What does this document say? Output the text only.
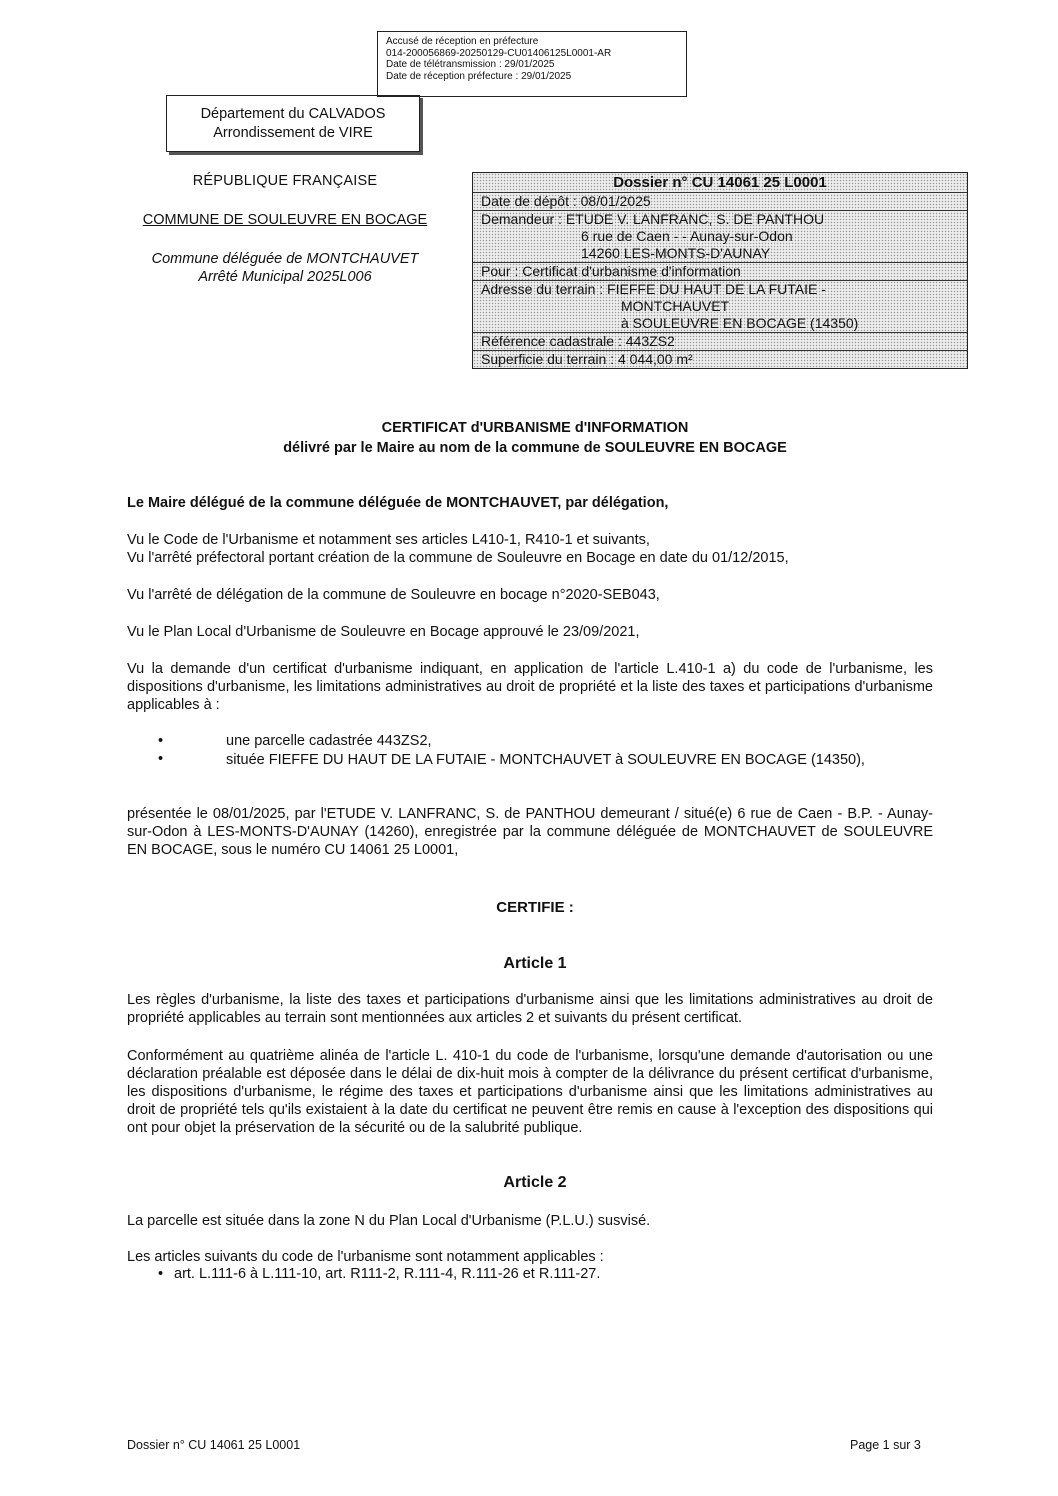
Accusé de réception en préfecture
014-200056869-20250129-CU01406125L0001-AR
Date de télétransmission : 29/01/2025
Date de réception préfecture : 29/01/2025
Département du CALVADOS
Arrondissement de VIRE
RÉPUBLIQUE FRANÇAISE
COMMUNE DE SOULEUVRE EN BOCAGE
Commune déléguée de MONTCHAUVET
Arrêté Municipal 2025L006
Dossier n° CU 14061 25 L0001
Date de dépôt : 08/01/2025
Demandeur : ETUDE V. LANFRANC, S. DE PANTHOU
6 rue de Caen - - Aunay-sur-Odon
14260 LES-MONTS-D'AUNAY
Pour : Certificat d'urbanisme d'information
Adresse du terrain : FIEFFE DU HAUT DE LA FUTAIE -
MONTCHAUVET
à SOULEUVRE EN BOCAGE (14350)
Référence cadastrale : 443ZS2
Superficie du terrain : 4 044,00 m²
CERTIFICAT d'URBANISME d'INFORMATION
délivré par le Maire au nom de la commune de SOULEUVRE EN BOCAGE
Le Maire délégué de la commune déléguée de MONTCHAUVET, par délégation,
Vu le Code de l'Urbanisme et notamment ses articles L410-1, R410-1 et suivants,
Vu l'arrêté préfectoral portant création de la commune de Souleuvre en Bocage en date du 01/12/2015,
Vu l'arrêté de délégation de la commune de Souleuvre en bocage n°2020-SEB043,
Vu le Plan Local d'Urbanisme de Souleuvre en Bocage approuvé le 23/09/2021,
Vu la demande d'un certificat d'urbanisme indiquant, en application de l'article L.410-1 a) du code de l'urbanisme, les dispositions d'urbanisme, les limitations administratives au droit de propriété et la liste des taxes et participations d'urbanisme applicables à :
•	une parcelle cadastrée 443ZS2,
•	située FIEFFE DU HAUT DE LA FUTAIE - MONTCHAUVET à SOULEUVRE EN BOCAGE (14350),
présentée le 08/01/2025, par l'ETUDE V. LANFRANC, S. de PANTHOU demeurant / situé(e) 6 rue de Caen - B.P. - Aunay-sur-Odon à LES-MONTS-D'AUNAY (14260), enregistrée par la commune déléguée de MONTCHAUVET de SOULEUVRE EN BOCAGE, sous le numéro CU 14061 25 L0001,
CERTIFIE :
Article 1
Les règles d'urbanisme, la liste des taxes et participations d'urbanisme ainsi que les limitations administratives au droit de propriété applicables au terrain sont mentionnées aux articles 2 et suivants du présent certificat.
Conformément au quatrième alinéa de l'article L. 410-1 du code de l'urbanisme, lorsqu'une demande d'autorisation ou une déclaration préalable est déposée dans le délai de dix-huit mois à compter de la délivrance du présent certificat d'urbanisme, les dispositions d'urbanisme, le régime des taxes et participations d'urbanisme ainsi que les limitations administratives au droit de propriété tels qu'ils existaient à la date du certificat ne peuvent être remis en cause à l'exception des dispositions qui ont pour objet la préservation de la sécurité ou de la salubrité publique.
Article 2
La parcelle est située dans la zone N du Plan Local d'Urbanisme (P.L.U.) susvisé.
Les articles suivants du code de l'urbanisme sont notamment applicables :
• art. L.111-6 à L.111-10, art. R111-2, R.111-4, R.111-26 et R.111-27.
Dossier n° CU 14061 25 L0001	Page 1 sur 3
